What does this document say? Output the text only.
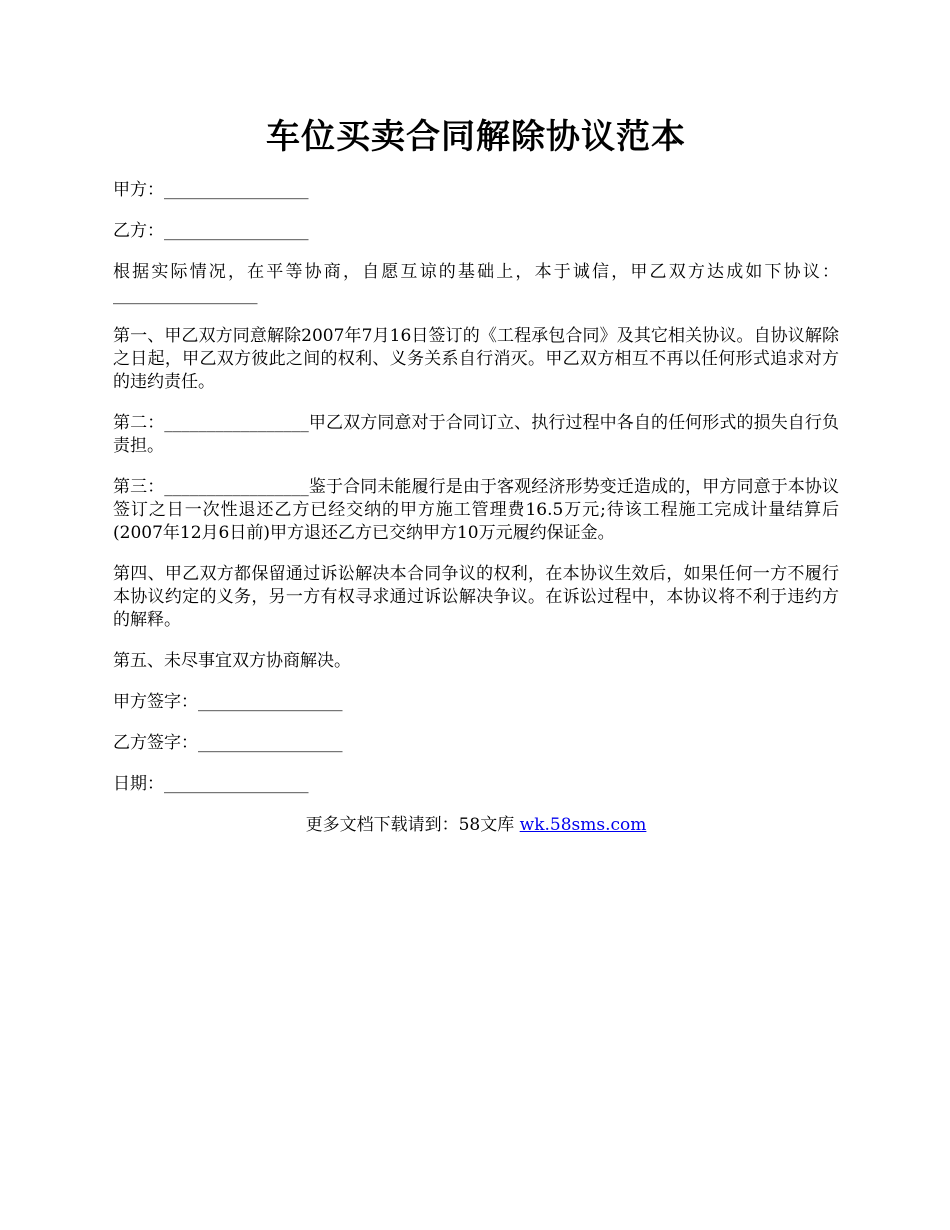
车位买卖合同解除协议范本
甲方：_________________
乙方：_________________

根据实际情况，在平等协商，自愿互谅的基础上，本于诚信，甲乙双方达成如下协议：_________________

第一、甲乙双方同意解除2007年7月16日签订的《工程承包合同》及其它相关协议。自协议解除之日起，甲乙双方彼此之间的权利、义务关系自行消灭。甲乙双方相互不再以任何形式追求对方的违约责任。

第二：_________________甲乙双方同意对于合同订立、执行过程中各自的任何形式的损失自行负责担。

第三：_________________鉴于合同未能履行是由于客观经济形势变迁造成的，甲方同意于本协议签订之日一次性退还乙方已经交纳的甲方施工管理费16.5万元;待该工程施工完成计量结算后(2007年12月6日前)甲方退还乙方已交纳甲方10万元履约保证金。

第四、甲乙双方都保留通过诉讼解决本合同争议的权利，在本协议生效后，如果任何一方不履行本协议约定的义务，另一方有权寻求通过诉讼解决争议。在诉讼过程中，本协议将不利于违约方的解释。

第五、未尽事宜双方协商解决。

甲方签字：_________________
乙方签字：_________________
日期：_________________
更多文档下载请到：58文库 wk.58sms.com
